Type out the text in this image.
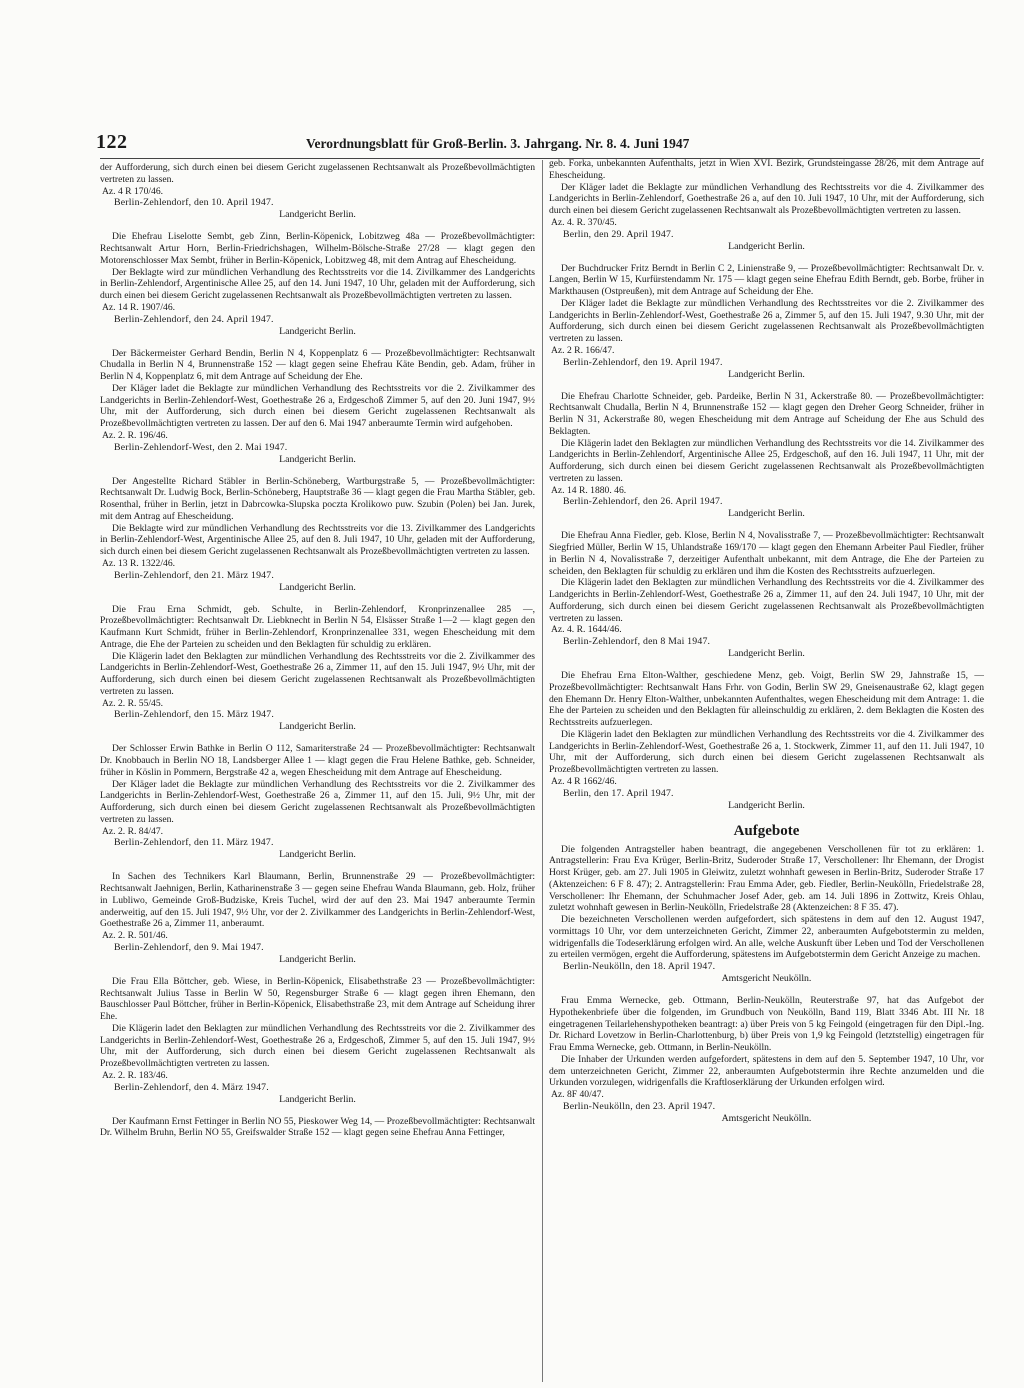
122	Verordnungsblatt für Groß-Berlin. 3. Jahrgang. Nr. 8. 4. Juni 1947

der Aufforderung, sich durch einen bei diesem Gericht zugelassenen Rechtsanwalt als Prozeßbevollmächtigten vertreten zu lassen.

Az. 4 R 170/46.
Berlin-Zehlendorf, den 10. April 1947.
Landgericht Berlin.

Die Ehefrau Liselotte Sembt, geb Zinn, Berlin-Köpenick, Lobitzweg 48a — Prozeßbevollmächtigter: Rechtsanwalt Artur Horn, Berlin-Friedrichshagen, Wilhelm-Bölsche-Straße 27/28 — klagt gegen den Motorenschlosser Max Sembt, früher in Berlin-Köpenick, Lobitzweg 48, mit dem Antrag auf Ehescheidung.

Der Beklagte wird zur mündlichen Verhandlung des Rechtsstreits vor die 14. Zivilkammer des Landgerichts in Berlin-Zehlendorf, Argentinische Allee 25, auf den 14. Juni 1947, 10 Uhr, geladen mit der Aufforderung, sich durch einen bei diesem Gericht zugelassenen Rechtsanwalt als Prozeßbevollmächtigten vertreten zu lassen.

Az. 14 R. 1907/46.
Berlin-Zehlendorf, den 24. April 1947.
Landgericht Berlin.

Der Bäckermeister Gerhard Bendin, Berlin N 4, Koppenplatz 6 — Prozeßbevollmächtigter: Rechtsanwalt Chudalla in Berlin N 4, Brunnenstraße 152 — klagt gegen seine Ehefrau Käte Bendin, geb. Adam, früher in Berlin N 4, Koppenplatz 6, mit dem Antrage auf Scheidung der Ehe.

Der Kläger ladet die Beklagte zur mündlichen Verhandlung des Rechtsstreits vor die 2. Zivilkammer des Landgerichts in Berlin-Zehlendorf-West, Goethestraße 26 a, Erdgeschoß Zimmer 5, auf den 20. Juni 1947, 9½ Uhr, mit der Aufforderung, sich durch einen bei diesem Gericht zugelassenen Rechtsanwalt als Prozeßbevollmächtigten vertreten zu lassen. Der auf den 6. Mai 1947 anberaumte Termin wird aufgehoben.

Az. 2. R. 196/46.
Berlin-Zehlendorf-West, den 2. Mai 1947.
Landgericht Berlin.

Der Angestellte Richard Stäbler in Berlin-Schöneberg, Wartburgstraße 5, — Prozeßbevollmächtigter: Rechtsanwalt Dr. Ludwig Bock, Berlin-Schöneberg, Hauptstraße 36 — klagt gegen die Frau Martha Stäbler, geb. Rosenthal, früher in Berlin, jetzt in Dabrcowka-Slupska poczta Krolikowo puw. Szubin (Polen) bei Jan. Jurek, mit dem Antrag auf Ehescheidung.

Die Beklagte wird zur mündlichen Verhandlung des Rechtsstreits vor die 13. Zivilkammer des Landgerichts in Berlin-Zehlendorf-West, Argentinische Allee 25, auf den 8. Juli 1947, 10 Uhr, geladen mit der Aufforderung, sich durch einen bei diesem Gericht zugelassenen Rechtsanwalt als Prozeßbevollmächtigten vertreten zu lassen.

Az. 13 R. 1322/46.
Berlin-Zehlendorf, den 21. März 1947.
Landgericht Berlin.

Die Frau Erna Schmidt, geb. Schulte, in Berlin-Zehlendorf, Kronprinzenallee 285 —, Prozeßbevollmächtigter: Rechtsanwalt Dr. Liebknecht in Berlin N 54, Elsässer Straße 1—2 — klagt gegen den Kaufmann Kurt Schmidt, früher in Berlin-Zehlendorf, Kronprinzenallee 331, wegen Ehescheidung mit dem Antrage, die Ehe der Parteien zu scheiden und den Beklagten für schuldig zu erklären.

Die Klägerin ladet den Beklagten zur mündlichen Verhandlung des Rechtsstreits vor die 2. Zivilkammer des Landgerichts in Berlin-Zehlendorf-West, Goethestraße 26 a, Zimmer 11, auf den 15. Juli 1947, 9½ Uhr, mit der Aufforderung, sich durch einen bei diesem Gericht zugelassenen Rechtsanwalt als Prozeßbevollmächtigten vertreten zu lassen.

Az. 2. R. 55/45.
Berlin-Zehlendorf, den 15. März 1947.
Landgericht Berlin.

Der Schlosser Erwin Bathke in Berlin O 112, Samariterstraße 24 — Prozeßbevollmächtigter: Rechtsanwalt Dr. Knobbauch in Berlin NO 18, Landsberger Allee 1 — klagt gegen die Frau Helene Bathke, geb. Schneider, früher in Köslin in Pommern, Bergstraße 42 a, wegen Ehescheidung mit dem Antrage auf Ehescheidung.

Der Kläger ladet die Beklagte zur mündlichen Verhandlung des Rechtsstreits vor die 2. Zivilkammer des Landgerichts in Berlin-Zehlendorf-West, Goethestraße 26 a, Zimmer 11, auf den 15. Juli, 9½ Uhr, mit der Aufforderung, sich durch einen bei diesem Gericht zugelassenen Rechtsanwalt als Prozeßbevollmächtigten vertreten zu lassen.

Az. 2. R. 84/47.
Berlin-Zehlendorf, den 11. März 1947.
Landgericht Berlin.

In Sachen des Technikers Karl Blaumann, Berlin, Brunnenstraße 29 — Prozeßbevollmächtigter: Rechtsanwalt Jaehnigen, Berlin, Katharinenstraße 3 — gegen seine Ehefrau Wanda Blaumann, geb. Holz, früher in Lubliwo, Gemeinde Groß-Budziske, Kreis Tuchel, wird der auf den 23. Mai 1947 anberaumte Termin anderweitig, auf den 15. Juli 1947, 9½ Uhr, vor der 2. Zivilkammer des Landgerichts in Berlin-Zehlendorf-West, Goethestraße 26 a, Zimmer 11, anberaumt.

Az. 2. R. 501/46.
Berlin-Zehlendorf, den 9. Mai 1947.
Landgericht Berlin.

Die Frau Ella Böttcher, geb. Wiese, in Berlin-Köpenick, Elisabethstraße 23 — Prozeßbevollmächtigter: Rechtsanwalt Julius Tasse in Berlin W 50, Regensburger Straße 6 — klagt gegen ihren Ehemann, den Bauschlosser Paul Böttcher, früher in Berlin-Köpenick, Elisabethstraße 23, mit dem Antrage auf Scheidung ihrer Ehe.

Die Klägerin ladet den Beklagten zur mündlichen Verhandlung des Rechtsstreits vor die 2. Zivilkammer des Landgerichts in Berlin-Zehlendorf-West, Goethestraße 26 a, Erdgeschoß, Zimmer 5, auf den 15. Juli 1947, 9½ Uhr, mit der Aufforderung, sich durch einen bei diesem Gericht zugelassenen Rechtsanwalt als Prozeßbevollmächtigten vertreten zu lassen.

Az. 2. R. 183/46.
Berlin-Zehlendorf, den 4. März 1947.
Landgericht Berlin.

Der Kaufmann Ernst Fettinger in Berlin NO 55, Pieskower Weg 14, — Prozeßbevollmächtigter: Rechtsanwalt Dr. Wilhelm Bruhn, Berlin NO 55, Greifswalder Straße 152 — klagt gegen seine Ehefrau Anna Fettinger,

geb. Forka, unbekannten Aufenthalts, jetzt in Wien XVI. Bezirk, Grundsteingasse 28/26, mit dem Antrage auf Ehescheidung.

Der Kläger ladet die Beklagte zur mündlichen Verhandlung des Rechtsstreits vor die 4. Zivilkammer des Landgerichts in Berlin-Zehlendorf, Goethestraße 26 a, auf den 10. Juli 1947, 10 Uhr, mit der Aufforderung, sich durch einen bei diesem Gericht zugelassenen Rechtsanwalt als Prozeßbevollmächtigten vertreten zu lassen.

Az. 4. R. 370/45.
Berlin, den 29. April 1947.
Landgericht Berlin.

Der Buchdrucker Fritz Berndt in Berlin C 2, Linienstraße 9, — Prozeßbevollmächtigter: Rechtsanwalt Dr. v. Langen, Berlin W 15, Kurfürstendamm Nr. 175 — klagt gegen seine Ehefrau Edith Berndt, geb. Borbe, früher in Markthausen (Ostpreußen), mit dem Antrage auf Scheidung der Ehe.

Der Kläger ladet die Beklagte zur mündlichen Verhandlung des Rechtsstreites vor die 2. Zivilkammer des Landgerichts in Berlin-Zehlendorf-West, Goethestraße 26 a, Zimmer 5, auf den 15. Juli 1947, 9.30 Uhr, mit der Aufforderung, sich durch einen bei diesem Gericht zugelassenen Rechtsanwalt als Prozeßbevollmächtigten vertreten zu lassen.

Az. 2 R. 166/47.
Berlin-Zehlendorf, den 19. April 1947.
Landgericht Berlin.

Die Ehefrau Charlotte Schneider, geb. Pardeike, Berlin N 31, Ackerstraße 80. — Prozeßbevollmächtigter: Rechtsanwalt Chudalla, Berlin N 4, Brunnenstraße 152 — klagt gegen den Dreher Georg Schneider, früher in Berlin N 31, Ackerstraße 80, wegen Ehescheidung mit dem Antrage auf Scheidung der Ehe aus Schuld des Beklagten.

Die Klägerin ladet den Beklagten zur mündlichen Verhandlung des Rechtsstreits vor die 14. Zivilkammer des Landgerichts in Berlin-Zehlendorf, Argentinische Allee 25, Erdgeschoß, auf den 16. Juli 1947, 11 Uhr, mit der Aufforderung, sich durch einen bei diesem Gericht zugelassenen Rechtsanwalt als Prozeßbevollmächtigten vertreten zu lassen.

Az. 14 R. 1880. 46.
Berlin-Zehlendorf, den 26. April 1947.
Landgericht Berlin.

Die Ehefrau Anna Fiedler, geb. Klose, Berlin N 4, Novalisstraße 7, — Prozeßbevollmächtigter: Rechtsanwalt Siegfried Müller, Berlin W 15, Uhlandstraße 169/170 — klagt gegen den Ehemann Arbeiter Paul Fiedler, früher in Berlin N 4, Novalisstraße 7, derzeitiger Aufenthalt unbekannt, mit dem Antrage, die Ehe der Parteien zu scheiden, den Beklagten für schuldig zu erklären und ihm die Kosten des Rechtsstreits aufzuerlegen.

Die Klägerin ladet den Beklagten zur mündlichen Verhandlung des Rechtsstreits vor die 4. Zivilkammer des Landgerichts in Berlin-Zehlendorf-West, Goethestraße 26 a, Zimmer 11, auf den 24. Juli 1947, 10 Uhr, mit der Aufforderung, sich durch einen bei diesem Gericht zugelassenen Rechtsanwalt als Prozeßbevollmächtigten vertreten zu lassen.

Az. 4. R. 1644/46.
Berlin-Zehlendorf, den 8 Mai 1947.
Landgericht Berlin.

Die Ehefrau Erna Elton-Walther, geschiedene Menz, geb. Voigt, Berlin SW 29, Jahnstraße 15, — Prozeßbevollmächtigter: Rechtsanwalt Hans Frhr. von Godin, Berlin SW 29, Gneisenaustraße 62, klagt gegen den Ehemann Dr. Henry Elton-Walther, unbekannten Aufenthaltes, wegen Ehescheidung mit dem Antrage: 1. die Ehe der Parteien zu scheiden und den Beklagten für alleinschuldig zu erklären, 2. dem Beklagten die Kosten des Rechtsstreits aufzuerlegen.

Die Klägerin ladet den Beklagten zur mündlichen Verhandlung des Rechtsstreits vor die 4. Zivilkammer des Landgerichts in Berlin-Zehlendorf-West, Goethestraße 26 a, 1. Stockwerk, Zimmer 11, auf den 11. Juli 1947, 10 Uhr, mit der Aufforderung, sich durch einen bei diesem Gericht zugelassenen Rechtsanwalt als Prozeßbevollmächtigten vertreten zu lassen.

Az. 4 R 1662/46.
Berlin, den 17. April 1947.
Landgericht Berlin.
Aufgebote

Die folgenden Antragsteller haben beantragt, die angegebenen Verschollenen für tot zu erklären: 1. Antragstellerin: Frau Eva Krüger, Berlin-Britz, Suderoder Straße 17, Verschollener: Ihr Ehemann, der Drogist Horst Krüger, geb. am 27. Juli 1905 in Gleiwitz, zuletzt wohnhaft gewesen in Berlin-Britz, Suderoder Straße 17 (Aktenzeichen: 6 F 8. 47); 2. Antragstellerin: Frau Emma Ader, geb. Fiedler, Berlin-Neukölln, Friedelstraße 28, Verschollener: Ihr Ehemann, der Schuhmacher Josef Ader, geb. am 14. Juli 1896 in Zottwitz, Kreis Ohlau, zuletzt wohnhaft gewesen in Berlin-Neukölln, Friedelstraße 28 (Aktenzeichen: 8 F 35. 47).

Die bezeichneten Verschollenen werden aufgefordert, sich spätestens in dem auf den 12. August 1947, vormittags 10 Uhr, vor dem unterzeichneten Gericht, Zimmer 22, anberaumten Aufgebotstermin zu melden, widrigenfalls die Todeserklärung erfolgen wird. An alle, welche Auskunft über Leben und Tod der Verschollenen zu erteilen vermögen, ergeht die Aufforderung, spätestens im Aufgebotstermin dem Gericht Anzeige zu machen.

Berlin-Neukölln, den 18. April 1947.
Amtsgericht Neukölln.

Frau Emma Wernecke, geb. Ottmann, Berlin-Neukölln, Reuterstraße 97, hat das Aufgebot der Hypothekenbriefe über die folgenden, im Grundbuch von Neukölln, Band 119, Blatt 3346 Abt. III Nr. 18 eingetragenen Teilarlehenshypotheken beantragt: a) über Preis von 5 kg Feingold (eingetragen für den Dipl.-Ing. Dr. Richard Lovetzow in Berlin-Charlottenburg, b) über Preis von 1,9 kg Feingold (letztstellig) eingetragen für Frau Emma Wernecke, geb. Ottmann, in Berlin-Neukölln.

Die Inhaber der Urkunden werden aufgefordert, spätestens in dem auf den 5. September 1947, 10 Uhr, vor dem unterzeichneten Gericht, Zimmer 22, anberaumten Aufgebotstermin ihre Rechte anzumelden und die Urkunden vorzulegen, widrigenfalls die Kraftloserklärung der Urkunden erfolgen wird.

Az. 8F 40/47.
Berlin-Neukölln, den 23. April 1947.
Amtsgericht Neukölln.
